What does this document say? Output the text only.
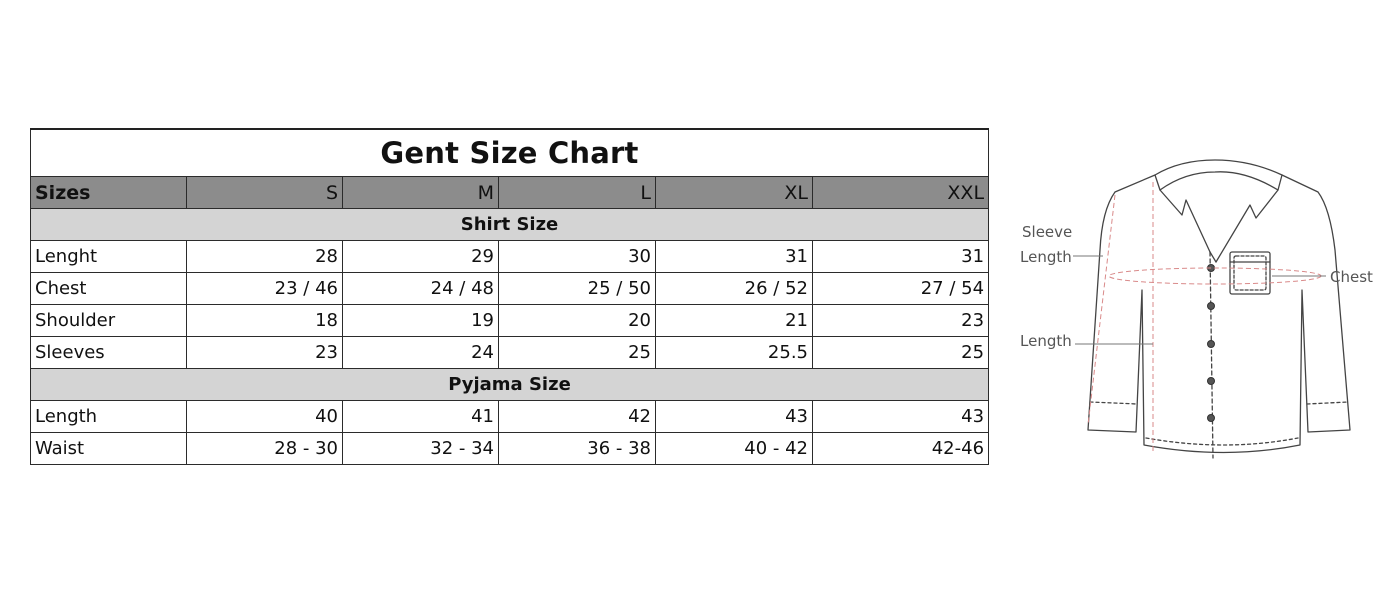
Gent Size Chart					
Sizes	S	M	L	XL	XXL
Shirt Size					
Lenght	28	29	30	31	31
Chest	23 / 46	24 / 48	25 / 50	26 / 52	27 / 54
Shoulder	18	19	20	21	23
Sleeves	23	24	25	25.5	25
Pyjama Size					
Length	40	41	42	43	43
Waist	28 - 30	32 - 34	36 - 38	40 - 42	42-46
Sleeve
Length
Chest
Length
